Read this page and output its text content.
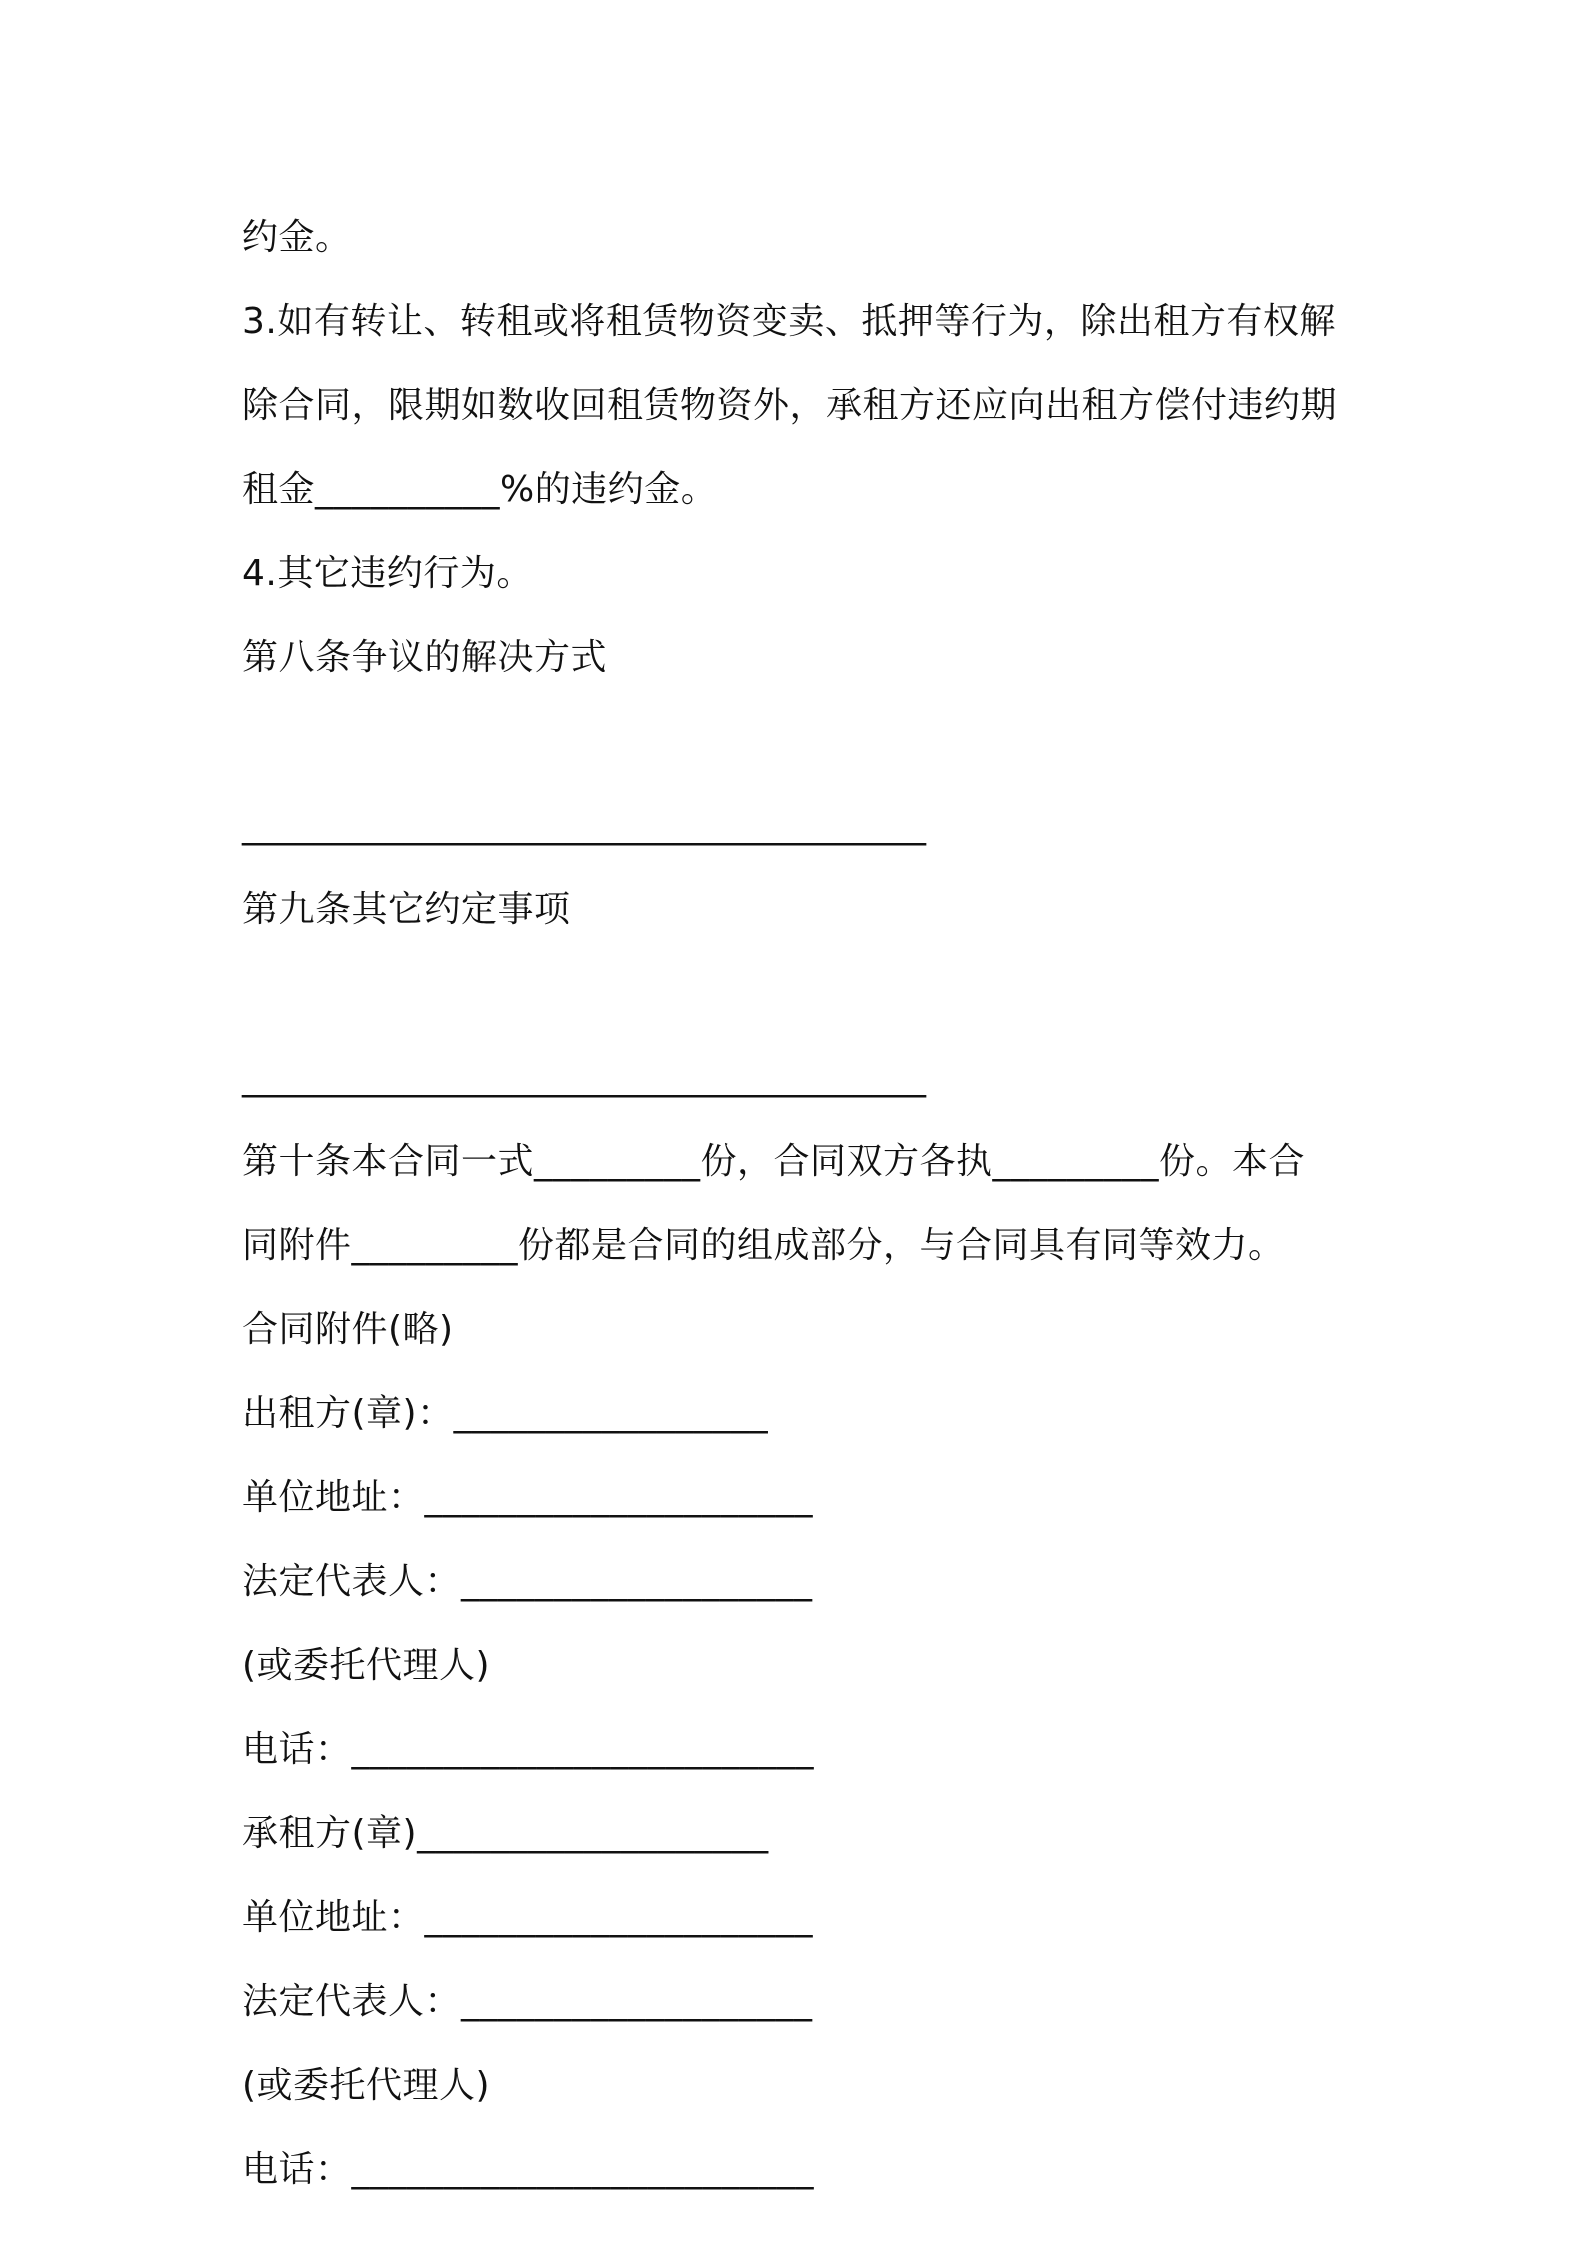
约金。
3.如有转让、转租或将租赁物资变卖、抵押等行为，除出租方有权解
除合同，限期如数收回租赁物资外，承租方还应向出租方偿付违约期
租金__________%的违约金。
4.其它违约行为。
第八条争议的解决方式
______________________________________
第九条其它约定事项
______________________________________
第十条本合同一式_________份，合同双方各执_________份。本合
同附件_________份都是合同的组成部分，与合同具有同等效力。
合同附件(略)
出租方(章)：_________________
单位地址：_____________________
法定代表人：___________________
(或委托代理人)
电话：_________________________
承租方(章)___________________
单位地址：_____________________
法定代表人：___________________
(或委托代理人)
电话：_________________________
